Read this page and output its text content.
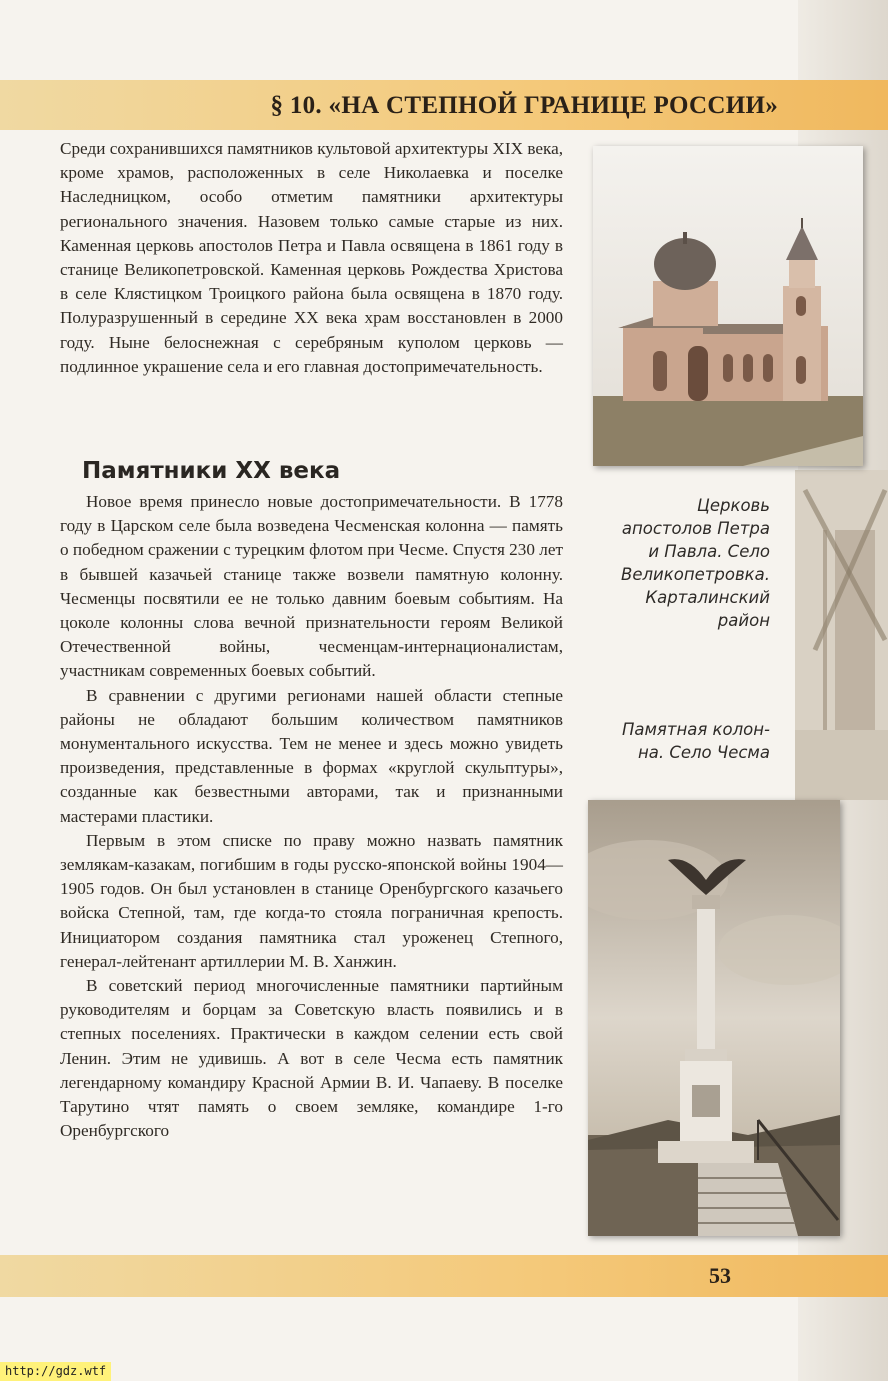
§ 10. «НА СТЕПНОЙ ГРАНИЦЕ РОССИИ»

Среди сохранившихся памятников культовой архитектуры XIX века, кроме храмов, расположенных в селе Николаевка и поселке Наследницком, особо отметим памятники архитектуры регионального значения. Назовем только самые старые из них. Каменная церковь апостолов Петра и Павла освящена в 1861 году в станице Великопетровской. Каменная церковь Рождества Христова в селе Клястицком Троицкого района была освящена в 1870 году. Полуразрушенный в середине XX века храм восстановлен в 2000 году. Ныне белоснежная с серебряным куполом церковь — подлинное украшение села и его главная достопримечательность.

Памятники XX века

Новое время принесло новые достопримечательности. В 1778 году в Царском селе была возведена Чесменская колонна — память о победном сражении с турецким флотом при Чесме. Спустя 230 лет в бывшей казачьей станице также возвели памятную колонну. Чесменцы посвятили ее не только давним боевым событиям. На цоколе колонны слова вечной признательности героям Великой Отечественной войны, чесменцам-интернационалистам, участникам современных боевых событий.

В сравнении с другими регионами нашей области степные районы не обладают большим количеством памятников монументального искусства. Тем не менее и здесь можно увидеть произведения, представленные в формах «круглой скульптуры», созданные как безвестными авторами, так и признанными мастерами пластики.

Первым в этом списке по праву можно назвать памятник землякам-казакам, погибшим в годы русско-японской войны 1904—1905 годов. Он был установлен в станице Оренбургского казачьего войска Степной, там, где когда-то стояла пограничная крепость. Инициатором создания памятника стал уроженец Степного, генерал-лейтенант артиллерии М. В. Ханжин.

В советский период многочисленные памятники партийным руководителям и борцам за Советскую власть появились и в степных поселениях. Практически в каждом селении есть свой Ленин. Этим не удивишь. А вот в селе Чесма есть памятник легендарному командиру Красной Армии В. И. Чапаеву. В поселке Тарутино чтят память о своем земляке, командире 1-го Оренбургского

Церковь
апостолов Петра
и Павла. Село
Великопетровка.
Карталинский
район
Памятная колон-
на. Село Чесма
53
http://gdz.wtf
